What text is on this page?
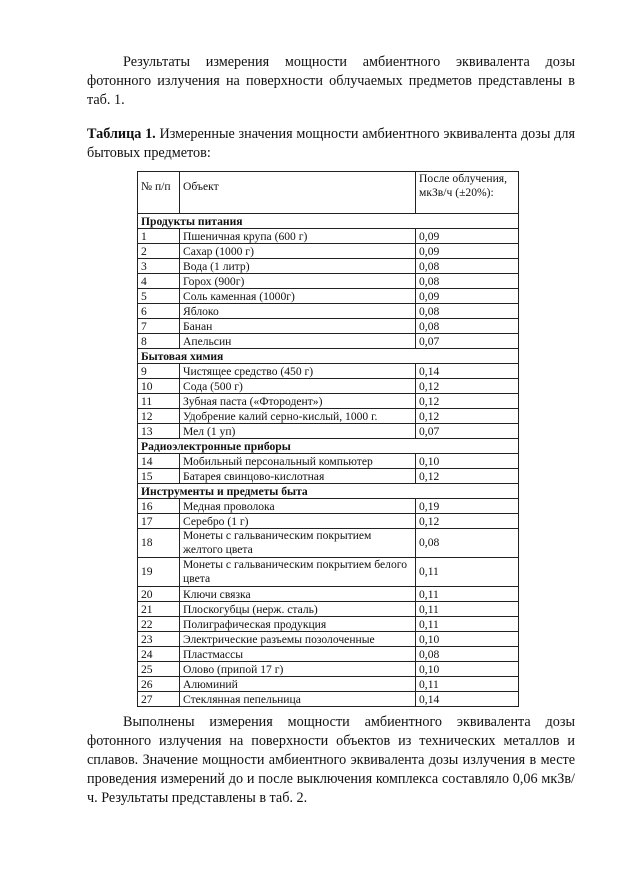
Результаты измерения мощности амбиентного эквивалента дозы фотонного излучения на поверхности облучаемых предметов представлены в таб. 1.

Таблица 1. Измеренные значения мощности амбиентного эквивалента дозы для бытовых предметов:

№ п/п	Объект	После облучения, мкЗв/ч (±20%):
Продукты питания		
1	Пшеничная крупа (600 г)	0,09
2	Сахар (1000 г)	0,09
3	Вода (1 литр)	0,08
4	Горох (900г)	0,08
5	Соль каменная (1000г)	0,09
6	Яблоко	0,08
7	Банан	0,08
8	Апельсин	0,07
Бытовая химия		
9	Чистящее средство (450 г)	0,14
10	Сода (500 г)	0,12
11	Зубная паста («Фтородент»)	0,12
12	Удобрение калий серно-кислый, 1000 г.	0,12
13	Мел (1 уп)	0,07
Радиоэлектронные приборы		
14	Мобильный персональный компьютер	0,10
15	Батарея свинцово-кислотная	0,12
Инструменты и предметы быта		
16	Медная проволока	0,19
17	Серебро (1 г)	0,12
18	Монеты с гальваническим покрытием желтого цвета	0,08
19	Монеты с гальваническим покрытием белого цвета	0,11
20	Ключи связка	0,11
21	Плоскогубцы (нерж. сталь)	0,11
22	Полиграфическая продукция	0,11
23	Электрические разъемы позолоченные	0,10
24	Пластмассы	0,08
25	Олово (припой 17 г)	0,10
26	Алюминий	0,11
27	Стеклянная пепельница	0,14

Выполнены измерения мощности амбиентного эквивалента дозы фотонного излучения на поверхности объектов из технических металлов и сплавов. Значение мощности амбиентного эквивалента дозы излучения в месте проведения измерений до и после выключения комплекса составляло 0,06 мкЗв/ч. Результаты представлены в таб. 2.
